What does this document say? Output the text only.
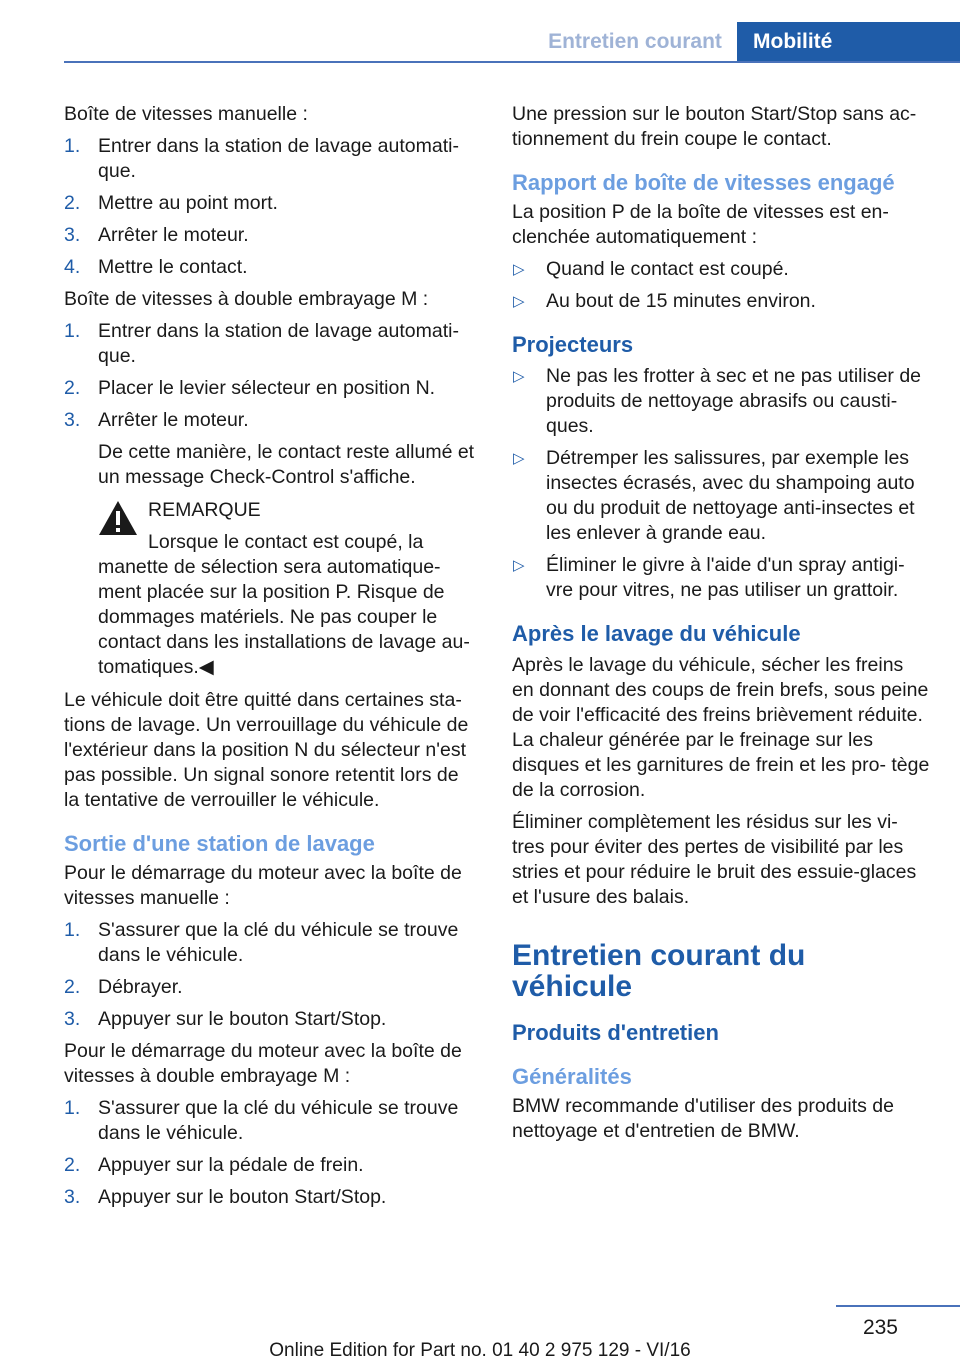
Entretien courant	Mobilité

Boîte de vitesses manuelle :

1. Entrer dans la station de lavage automati‐ que.
2. Mettre au point mort.
3. Arrêter le moteur.
4. Mettre le contact.

Boîte de vitesses à double embrayage M :

1. Entrer dans la station de lavage automati‐ que.
2. Placer le levier sélecteur en position N.
3. Arrêter le moteur.

De cette manière, le contact reste allumé et un message Check-Control s'affiche.

REMARQUE
Lorsque le contact est coupé, la manette de sélection sera automatique‐ ment placée sur la position P. Risque de dommages matériels. Ne pas couper le contact dans les installations de lavage au‐ tomatiques.◀

Le véhicule doit être quitté dans certaines sta‐ tions de lavage. Un verrouillage du véhicule de l'extérieur dans la position N du sélecteur n'est pas possible. Un signal sonore retentit lors de la tentative de verrouiller le véhicule.

Sortie d'une station de lavage

Pour le démarrage du moteur avec la boîte de vitesses manuelle :

1. S'assurer que la clé du véhicule se trouve dans le véhicule.
2. Débrayer.
3. Appuyer sur le bouton Start/Stop.

Pour le démarrage du moteur avec la boîte de vitesses à double embrayage M :

1. S'assurer que la clé du véhicule se trouve dans le véhicule.
2. Appuyer sur la pédale de frein.
3. Appuyer sur le bouton Start/Stop.

Une pression sur le bouton Start/Stop sans ac‐ tionnement du frein coupe le contact.

Rapport de boîte de vitesses engagé

La position P de la boîte de vitesses est en‐ clenchée automatiquement :

▷ Quand le contact est coupé.
▷ Au bout de 15 minutes environ.
Projecteurs
▷ Ne pas les frotter à sec et ne pas utiliser de produits de nettoyage abrasifs ou causti‐ ques.
▷ Détremper les salissures, par exemple les insectes écrasés, avec du shampoing auto ou du produit de nettoyage anti-insectes et les enlever à grande eau.
▷ Éliminer le givre à l'aide d'un spray antigi‐ vre pour vitres, ne pas utiliser un grattoir.
Après le lavage du véhicule

Après le lavage du véhicule, sécher les freins en donnant des coups de frein brefs, sous peine de voir l'efficacité des freins brièvement réduite. La chaleur générée par le freinage sur les disques et les garnitures de frein et les pro‐ tège de la corrosion.

Éliminer complètement les résidus sur les vi‐ tres pour éviter des pertes de visibilité par les stries et pour réduire le bruit des essuie-glaces et l'usure des balais.

Entretien courant du véhicule
Produits d'entretien
Généralités

BMW recommande d'utiliser des produits de nettoyage et d'entretien de BMW.

235
Online Edition for Part no. 01 40 2 975 129 - VI/16
